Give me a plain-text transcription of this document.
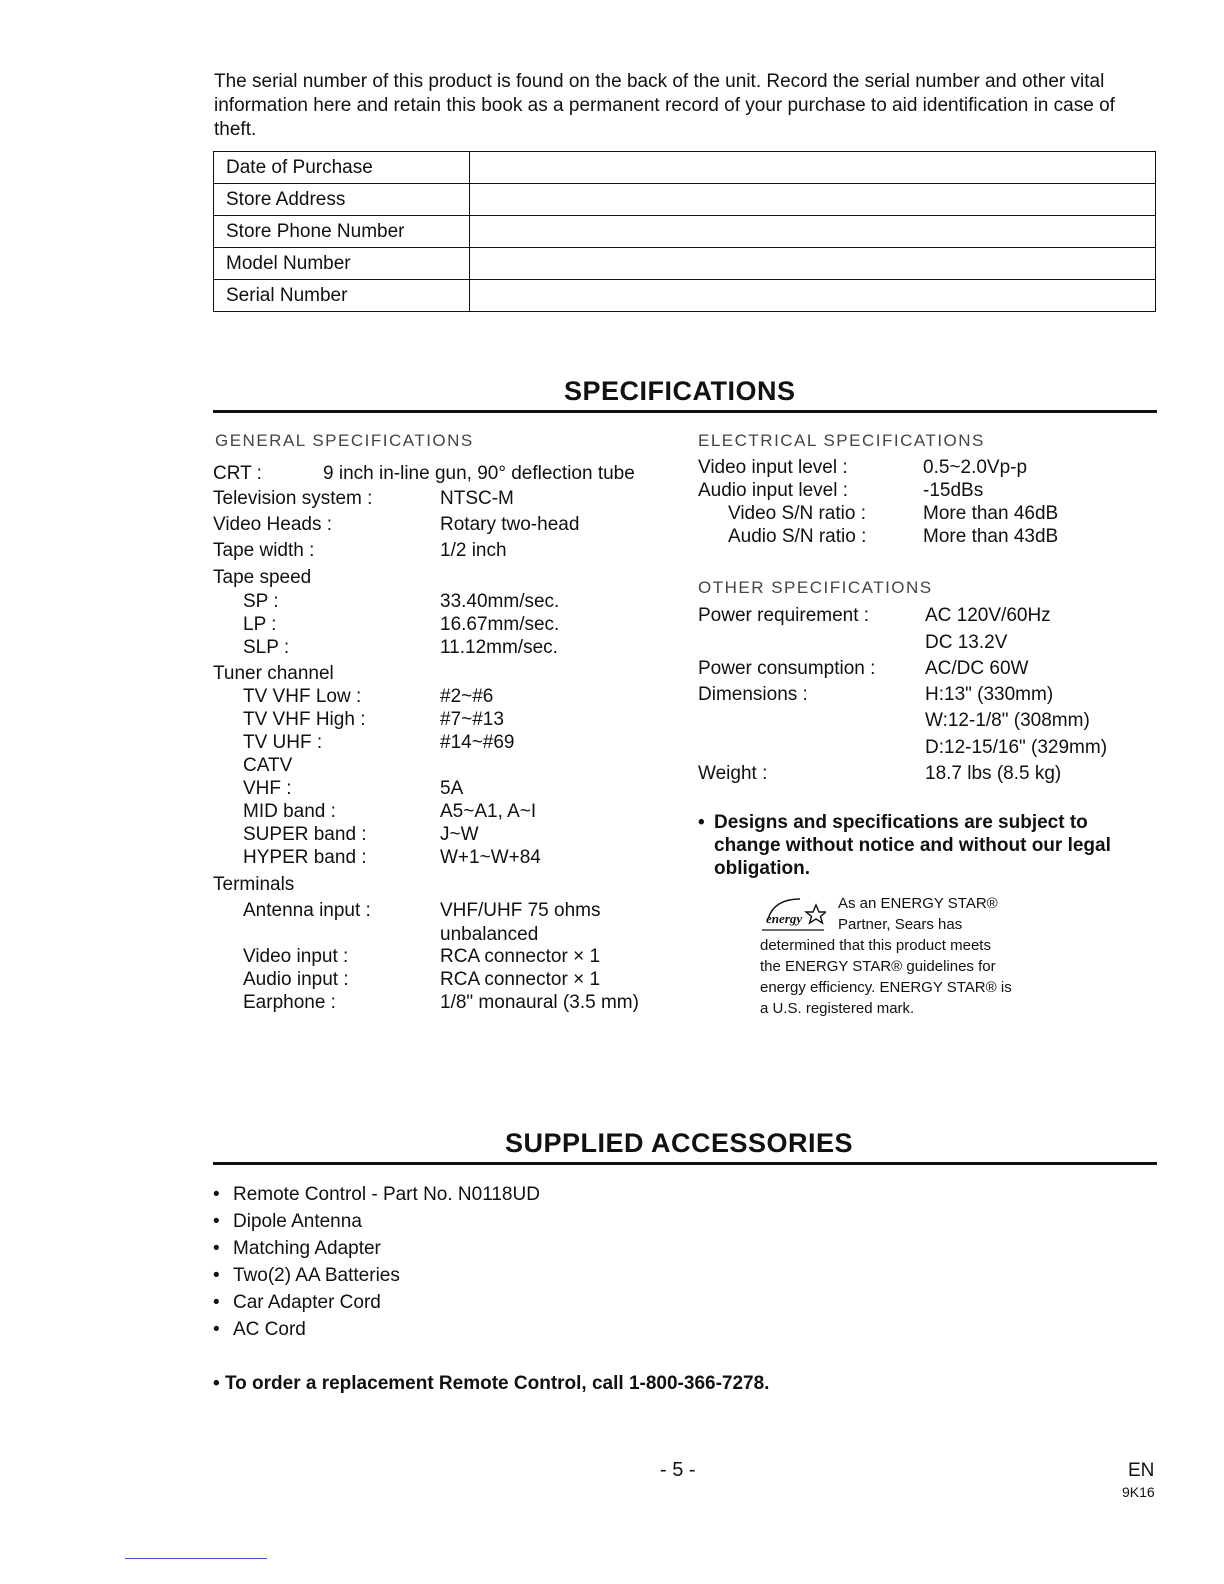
The serial number of this product is found on the back of the unit. Record the serial number and other vital information here and retain this book as a permanent record of your purchase to aid identification in case of theft.
Date of Purchase	
Store Address	
Store Phone Number	
Model Number	
Serial Number	
SPECIFICATIONS
GENERAL SPECIFICATIONS
CRT :	9 inch in-line gun, 90° deflection tube
Television system :	NTSC-M
Video Heads :	Rotary two-head
Tape width :	1/2 inch
Tape speed
SP :	33.40mm/sec.
LP :	16.67mm/sec.
SLP :	11.12mm/sec.
Tuner channel
TV VHF Low :	#2~#6
TV VHF High :	#7~#13
TV UHF :	#14~#69
CATV
VHF :	5A
MID band :	A5~A1, A~I
SUPER band :	J~W
HYPER band :	W+1~W+84
Terminals
Antenna input :	VHF/UHF 75 ohms
unbalanced
Video input :	RCA connector × 1
Audio input :	RCA connector × 1
Earphone :	1/8" monaural (3.5 mm)
ELECTRICAL SPECIFICATIONS
Video input level :	0.5~2.0Vp-p
Audio input level :	-15dBs
Video S/N ratio :	More than 46dB
Audio S/N ratio :	More than 43dB
OTHER SPECIFICATIONS
Power requirement :	AC 120V/60Hz
DC 13.2V
Power consumption :	AC/DC 60W
Dimensions :	H:13" (330mm)
W:12-1/8" (308mm)
D:12-15/16" (329mm)
Weight :	18.7 lbs (8.5 kg)
• Designs and specifications are subject to change without notice and without our legal obligation.
energy
As an ENERGY STAR®
Partner, Sears has
determined that this product meets
the ENERGY STAR® guidelines for
energy efficiency. ENERGY STAR® is
a U.S. registered mark.
SUPPLIED ACCESSORIES
• Remote Control - Part No. N0118UD
• Dipole Antenna
• Matching Adapter
• Two(2) AA Batteries
• Car Adapter Cord
• AC Cord
• To order a replacement Remote Control, call 1-800-366-7278.
- 5 -	EN
9K16
